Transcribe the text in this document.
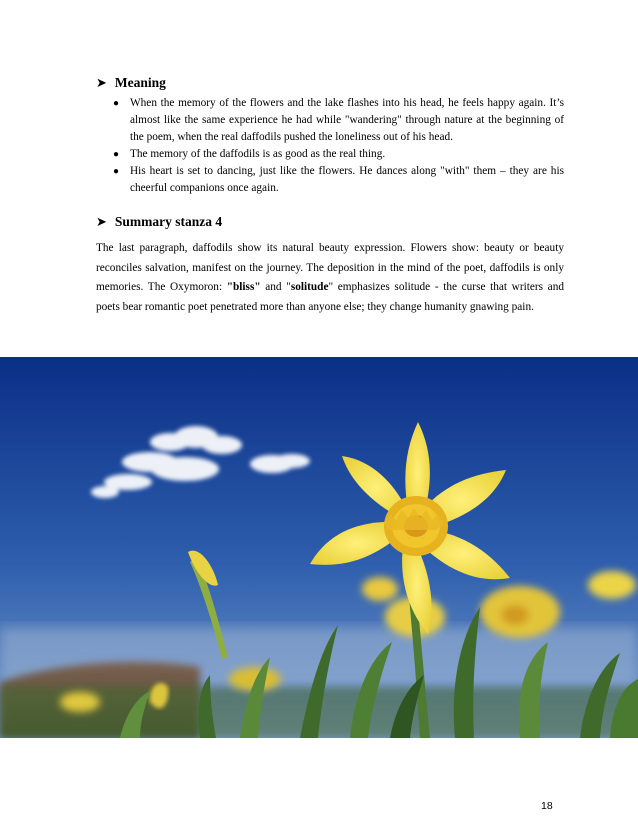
➤ Meaning
● When the memory of the flowers and the lake flashes into his head, he feels happy again. It’s almost like the same experience he had while "wandering" through nature at the beginning of the poem, when the real daffodils pushed the loneliness out of his head.
● The memory of the daffodils is as good as the real thing.
● His heart is set to dancing, just like the flowers. He dances along "with" them – they are his cheerful companions once again.
➤ Summary stanza 4

The last paragraph, daffodils show its natural beauty expression. Flowers show: beauty or beauty reconciles salvation, manifest on the journey. The deposition in the mind of the poet, daffodils is only memories. The Oxymoron: "bliss" and "solitude" emphasizes solitude - the curse that writers and poets bear romantic poet penetrated more than anyone else; they change humanity gnawing pain.

18
